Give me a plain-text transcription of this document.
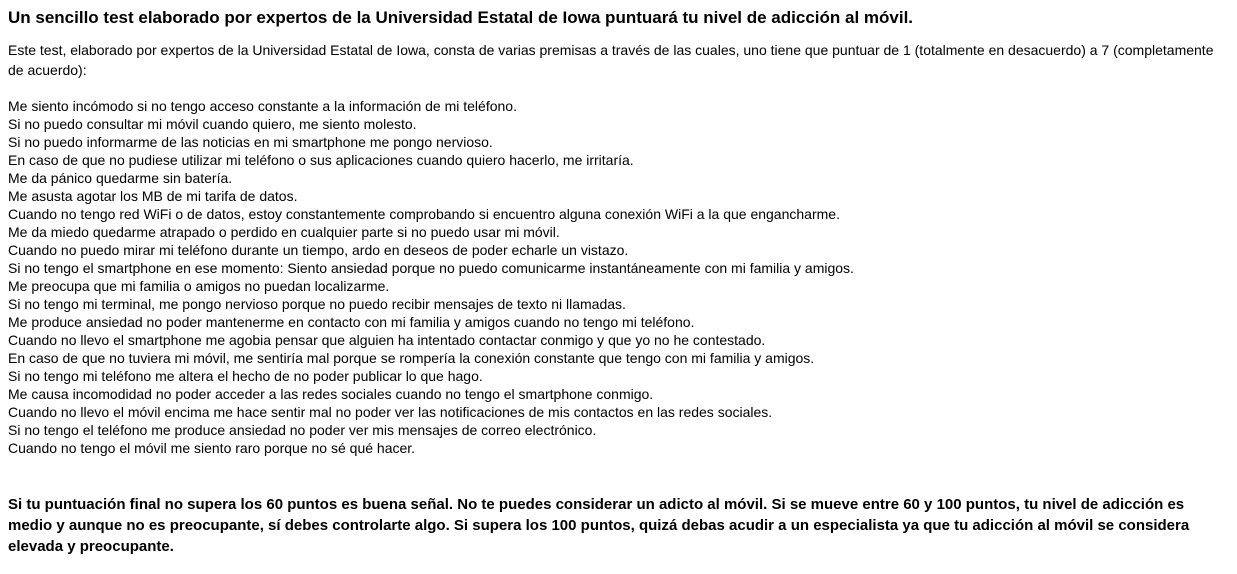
Un sencillo test elaborado por expertos de la Universidad Estatal de Iowa puntuará tu nivel de adicción al móvil.

Este test, elaborado por expertos de la Universidad Estatal de Iowa, consta de varias premisas a través de las cuales, uno tiene que puntuar de 1 (totalmente en desacuerdo) a 7 (completamente de acuerdo):

Me siento incómodo si no tengo acceso constante a la información de mi teléfono.
Si no puedo consultar mi móvil cuando quiero, me siento molesto.
Si no puedo informarme de las noticias en mi smartphone me pongo nervioso.
En caso de que no pudiese utilizar mi teléfono o sus aplicaciones cuando quiero hacerlo, me irritaría.
Me da pánico quedarme sin batería.
Me asusta agotar los MB de mi tarifa de datos.
Cuando no tengo red WiFi o de datos, estoy constantemente comprobando si encuentro alguna conexión WiFi a la que engancharme.
Me da miedo quedarme atrapado o perdido en cualquier parte si no puedo usar mi móvil.
Cuando no puedo mirar mi teléfono durante un tiempo, ardo en deseos de poder echarle un vistazo.
Si no tengo el smartphone en ese momento: Siento ansiedad porque no puedo comunicarme instantáneamente con mi familia y amigos.
Me preocupa que mi familia o amigos no puedan localizarme.
Si no tengo mi terminal, me pongo nervioso porque no puedo recibir mensajes de texto ni llamadas.
Me produce ansiedad no poder mantenerme en contacto con mi familia y amigos cuando no tengo mi teléfono.
Cuando no llevo el smartphone me agobia pensar que alguien ha intentado contactar conmigo y que yo no he contestado.
En caso de que no tuviera mi móvil, me sentiría mal porque se rompería la conexión constante que tengo con mi familia y amigos.
Si no tengo mi teléfono me altera el hecho de no poder publicar lo que hago.
Me causa incomodidad no poder acceder a las redes sociales cuando no tengo el smartphone conmigo.
Cuando no llevo el móvil encima me hace sentir mal no poder ver las notificaciones de mis contactos en las redes sociales.
Si no tengo el teléfono me produce ansiedad no poder ver mis mensajes de correo electrónico.
Cuando no tengo el móvil me siento raro porque no sé qué hacer.

Si tu puntuación final no supera los 60 puntos es buena señal. No te puedes considerar un adicto al móvil. Si se mueve entre 60 y 100 puntos, tu nivel de adicción es medio y aunque no es preocupante, sí debes controlarte algo. Si supera los 100 puntos, quizá debas acudir a un especialista ya que tu adicción al móvil se considera elevada y preocupante.
